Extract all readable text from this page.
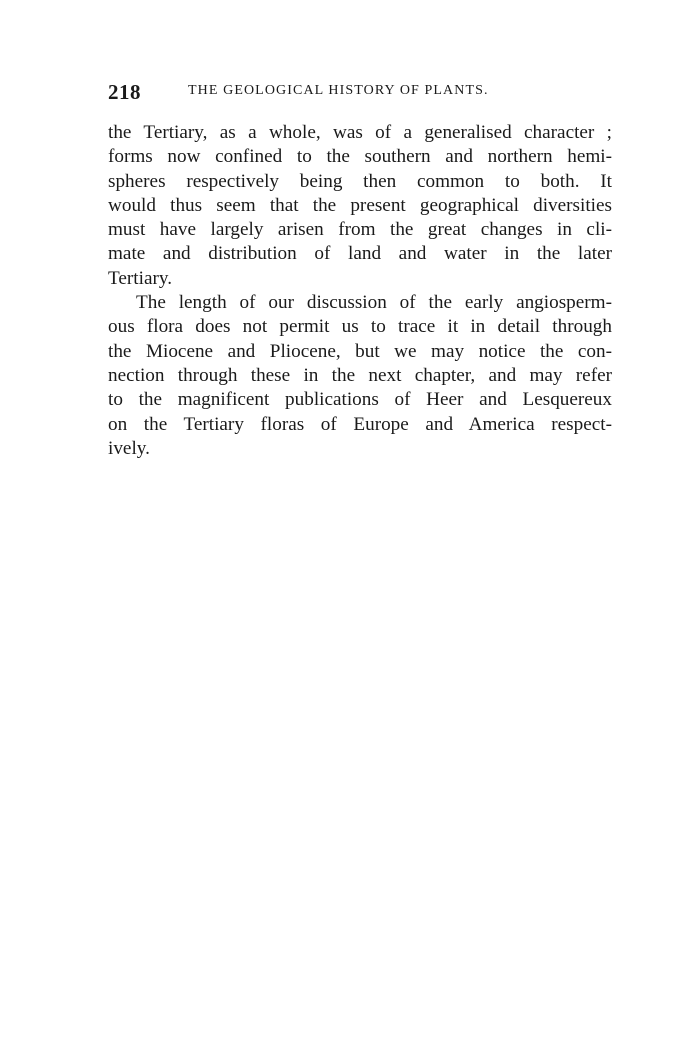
218	THE GEOLOGICAL HISTORY OF PLANTS.
the Tertiary, as a whole, was of a generalised character ;
forms now confined to the southern and northern hemi-
spheres respectively being then common to both. It
would thus seem that the present geographical diversities
must have largely arisen from the great changes in cli-
mate and distribution of land and water in the later
Tertiary.
The length of our discussion of the early angiosperm-
ous flora does not permit us to trace it in detail through
the Miocene and Pliocene, but we may notice the con-
nection through these in the next chapter, and may refer
to the magnificent publications of Heer and Lesquereux
on the Tertiary floras of Europe and America respect-
ively.
